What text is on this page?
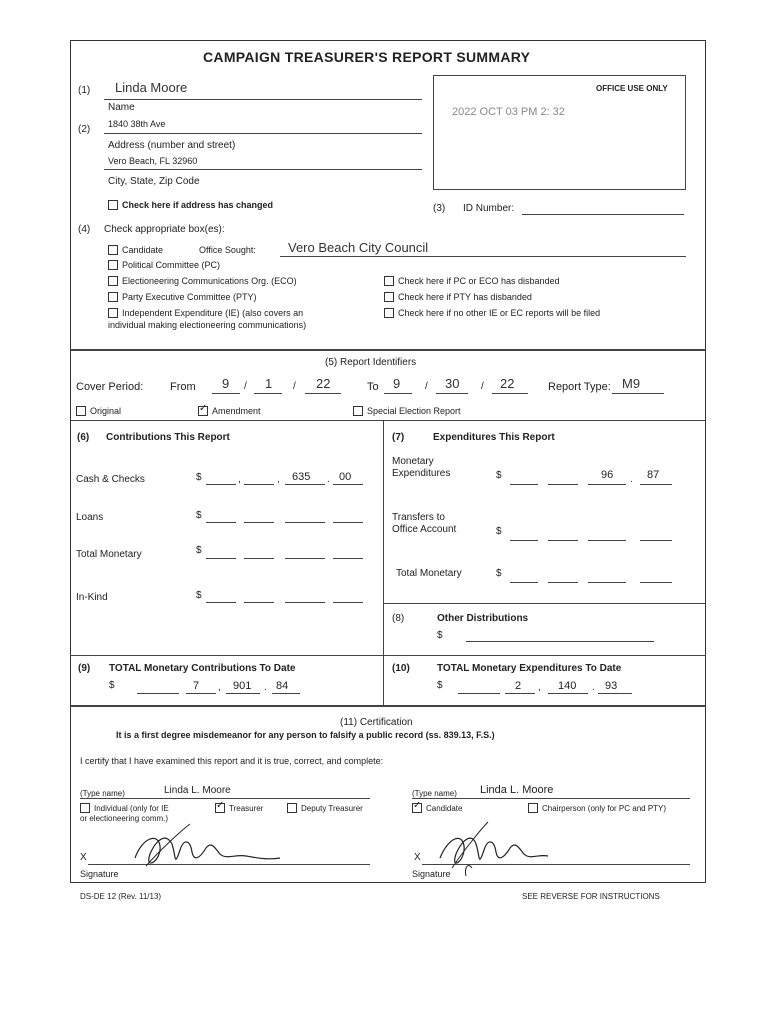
CAMPAIGN TREASURER'S REPORT SUMMARY
(1) Linda Moore
Name
(2) 1840 38th Ave
Address (number and street)
Vero Beach, FL 32960
City, State, Zip Code
Check here if address has changed
OFFICE USE ONLY
2022 OCT 03 PM 2: 32
(3) ID Number:
(4) Check appropriate box(es):
Candidate	Office Sought: Vero Beach City Council
Political Committee (PC)
Electioneering Communications Org. (ECO)
Party Executive Committee (PTY)
Independent Expenditure (IE) (also covers an
individual making electioneering communications)
Check here if PC or ECO has disbanded
Check here if PTY has disbanded
Check here if no other IE or EC reports will be filed
(5) Report Identifiers
Cover Period: From 9 / 1 / 22	To 9 / 30 / 22	Report Type: M9
Original ✓	Amendment	Special Election Report
(6) Contributions This Report
Cash & Checks	$	,	, 635 . 00
Loans	$
Total Monetary	$
In-Kind	$
(7)	Expenditures This Report
Monetary
Expenditures	$	96 . 87
Transfers to
Office Account	$
Total Monetary	$
(8)	Other Distributions
$
(9) TOTAL Monetary Contributions To Date
$	7 , 901 . 84
(10)	TOTAL Monetary Expenditures To Date
$	2 , 140 . 93
(11) Certification
It is a first degree misdemeanor for any person to falsify a public record (ss. 839.13, F.S.)
I certify that I have examined this report and it is true, correct, and complete:
(Type name)	Linda L. Moore
Individual (only for IE
or electioneering comm.)
✓Treasurer	Deputy Treasurer
X
Signature
(Type name) Linda L. Moore
✓Candidate	Chairperson (only for PC and PTY)
X
Signature
DS-DE 12 (Rev. 11/13)	SEE REVERSE FOR INSTRUCTIONS
